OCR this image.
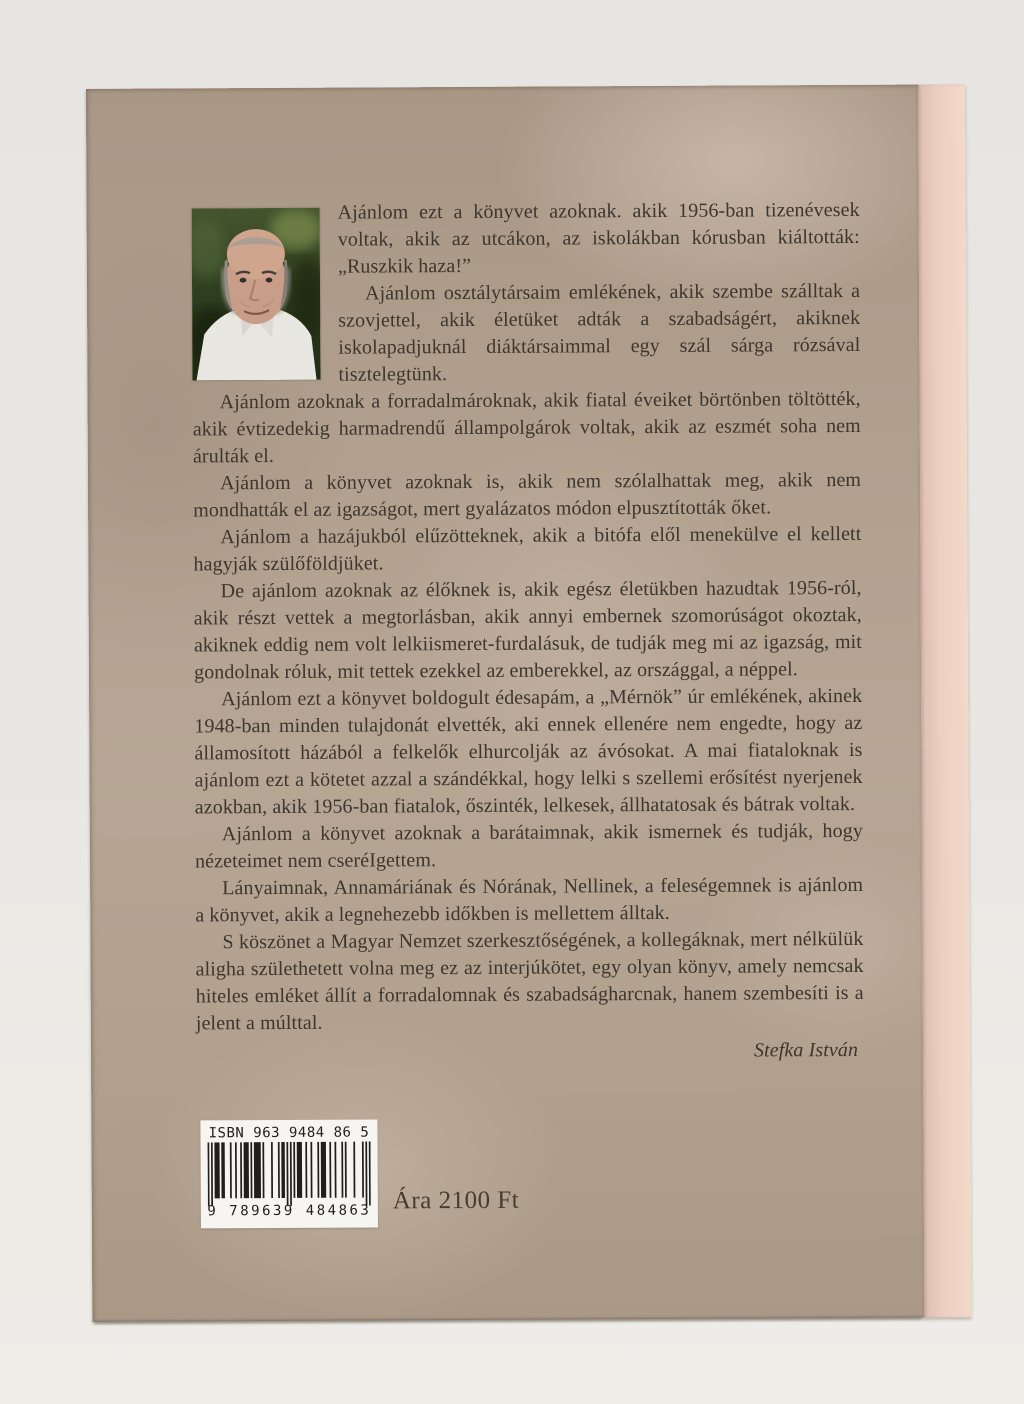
Ajánlom ezt a könyvet azoknak. akik 1956-ban tizenévesek voltak, akik az utcákon, az iskolákban kórusban kiáltották: „Ruszkik haza!”

Ajánlom osztálytársaim emlékének, akik szembe szálltak a szovjettel, akik életüket adták a szabadságért, akiknek iskolapadjuknál diáktársaimmal egy szál sárga rózsával tisztelegtünk.

Ajánlom azoknak a forradalmároknak, akik fiatal éveiket börtönben töltötték, akik évtizedekig harmadrendű állampolgárok voltak, akik az eszmét soha nem árulták el.

Ajánlom a könyvet azoknak is, akik nem szólalhattak meg, akik nem mondhatták el az igazságot, mert gyalázatos módon elpusztították őket.

Ajánlom a hazájukból elűzötteknek, akik a bitófa elől menekülve el kellett hagyják szülőföldjüket.

De ajánlom azoknak az élőknek is, akik egész életükben hazudtak 1956-ról, akik részt vettek a megtorlásban, akik annyi embernek szomorúságot okoztak, akiknek eddig nem volt lelkiismeret-furdalásuk, de tudják meg mi az igazság, mit gondolnak róluk, mit tettek ezekkel az emberekkel, az országgal, a néppel.

Ajánlom ezt a könyvet boldogult édesapám, a „Mérnök” úr emlékének, akinek 1948-ban minden tulajdonát elvették, aki ennek ellenére nem engedte, hogy az államosított házából a felkelők elhurcolják az ávósokat. A mai fiataloknak is ajánlom ezt a kötetet azzal a szándékkal, hogy lelki s szellemi erősítést nyerjenek azokban, akik 1956-ban fiatalok, őszinték, lelkesek, állhatatosak és bátrak voltak.

Ajánlom a könyvet azoknak a barátaimnak, akik ismernek és tudják, hogy nézeteimet nem cseréIgettem.

Lányaimnak, Annamáriának és Nórának, Nellinek, a feleségemnek is ajánlom a könyvet, akik a legnehezebb időkben is mellettem álltak.

S köszönet a Magyar Nemzet szerkesztőségének, a kollegáknak, mert nélkülük aligha születhetett volna meg ez az interjúkötet, egy olyan könyv, amely nemcsak hiteles emléket állít a forradalomnak és szabadságharcnak, hanem szembesíti is a jelent a múlttal.

Stefka István
ISBN 963 9484 86 5
9 789639 484863 Ára 2100 Ft
